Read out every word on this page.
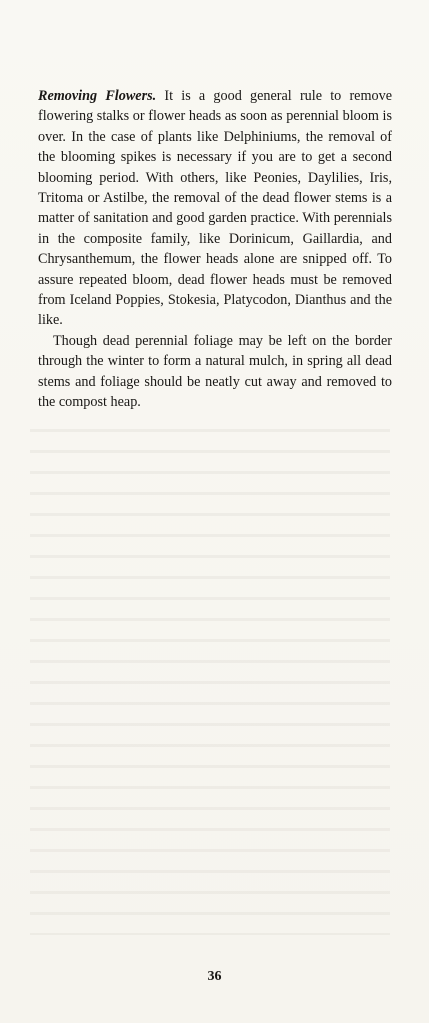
Removing Flowers. It is a good general rule to remove flowering stalks or flower heads as soon as perennial bloom is over. In the case of plants like Delphiniums, the removal of the blooming spikes is necessary if you are to get a second blooming period. With others, like Peonies, Daylilies, Iris, Tritoma or Astilbe, the removal of the dead flower stems is a matter of sanitation and good garden practice. With perennials in the composite family, like Dorinicum, Gaillardia, and Chrysanthemum, the flower heads alone are snipped off. To assure repeated bloom, dead flower heads must be removed from Iceland Poppies, Stokesia, Platycodon, Dianthus and the like.

Though dead perennial foliage may be left on the border through the winter to form a natural mulch, in spring all dead stems and foliage should be neatly cut away and removed to the compost heap.

36
